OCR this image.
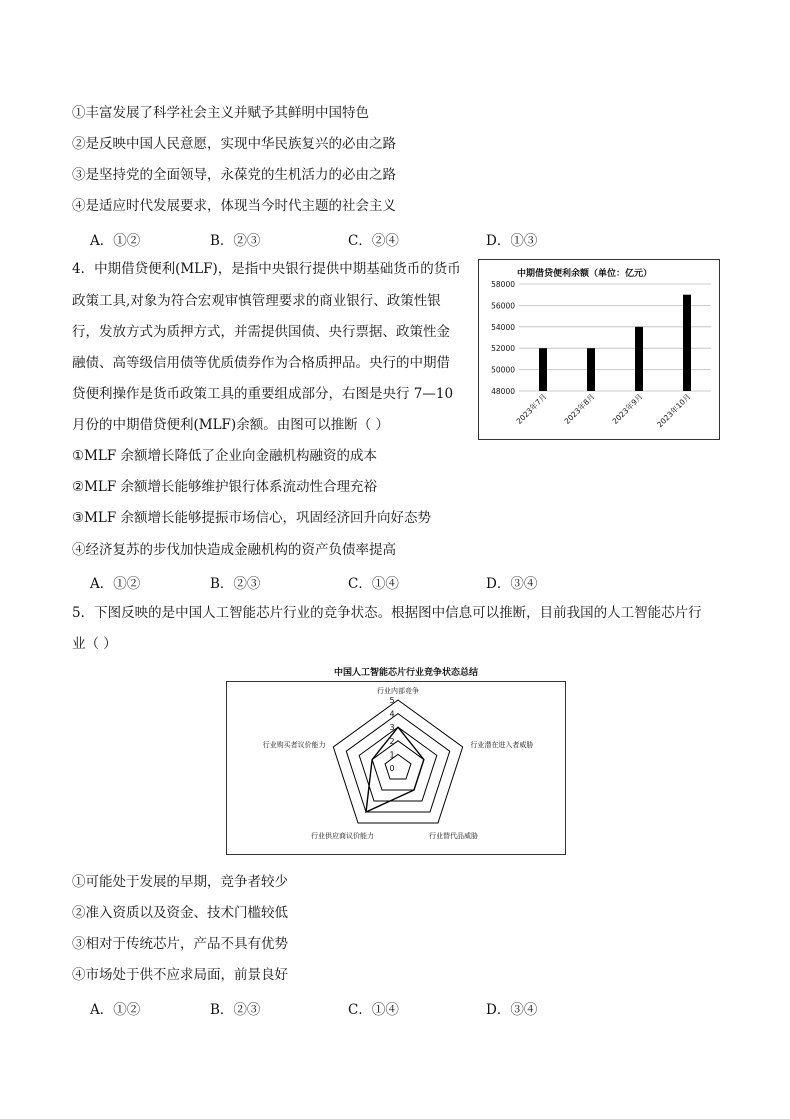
①丰富发展了科学社会主义并赋予其鲜明中国特色
②是反映中国人民意愿，实现中华民族复兴的必由之路
③是坚持党的全面领导，永葆党的生机活力的必由之路
④是适应时代发展要求，体现当今时代主题的社会主义
A．①②	B．②③	C．②④	D．①③
4．中期借贷便利(MLF)，是指中央银行提供中期基础货币的货币
政策工具,对象为符合宏观审慎管理要求的商业银行、政策性银
行，发放方式为质押方式，并需提供国债、央行票据、政策性金
融债、高等级信用债等优质债券作为合格质押品。央行的中期借
贷便利操作是货币政策工具的重要组成部分，右图是央行 7—10
月份的中期借贷便利(MLF)余额。由图可以推断（ ）
中期借贷便利余额（单位：亿元）
48000
50000
52000
54000
56000
58000
2023年7月 2023年8月 2023年9月 2023年10月
①MLF 余额增长降低了企业向金融机构融资的成本
②MLF 余额增长能够维护银行体系流动性合理充裕
③MLF 余额增长能够提振市场信心，巩固经济回升向好态势
④经济复苏的步伐加快造成金融机构的资产负债率提高
A．①②	B．②③	C．①④	D．③④
5．下图反映的是中国人工智能芯片行业的竞争状态。根据图中信息可以推断，目前我国的人工智能芯片行
业（ ）
中国人工智能芯片行业竞争状态总结
0
1
2
3
4
5
行业内部竞争
行业潜在进入者威胁
行业替代品威胁
行业供应商议价能力
行业购买者议价能力
①可能处于发展的早期，竞争者较少
②准入资质以及资金、技术门槛较低
③相对于传统芯片，产品不具有优势
④市场处于供不应求局面，前景良好
A．①②	B．②③	C．①④	D．③④
